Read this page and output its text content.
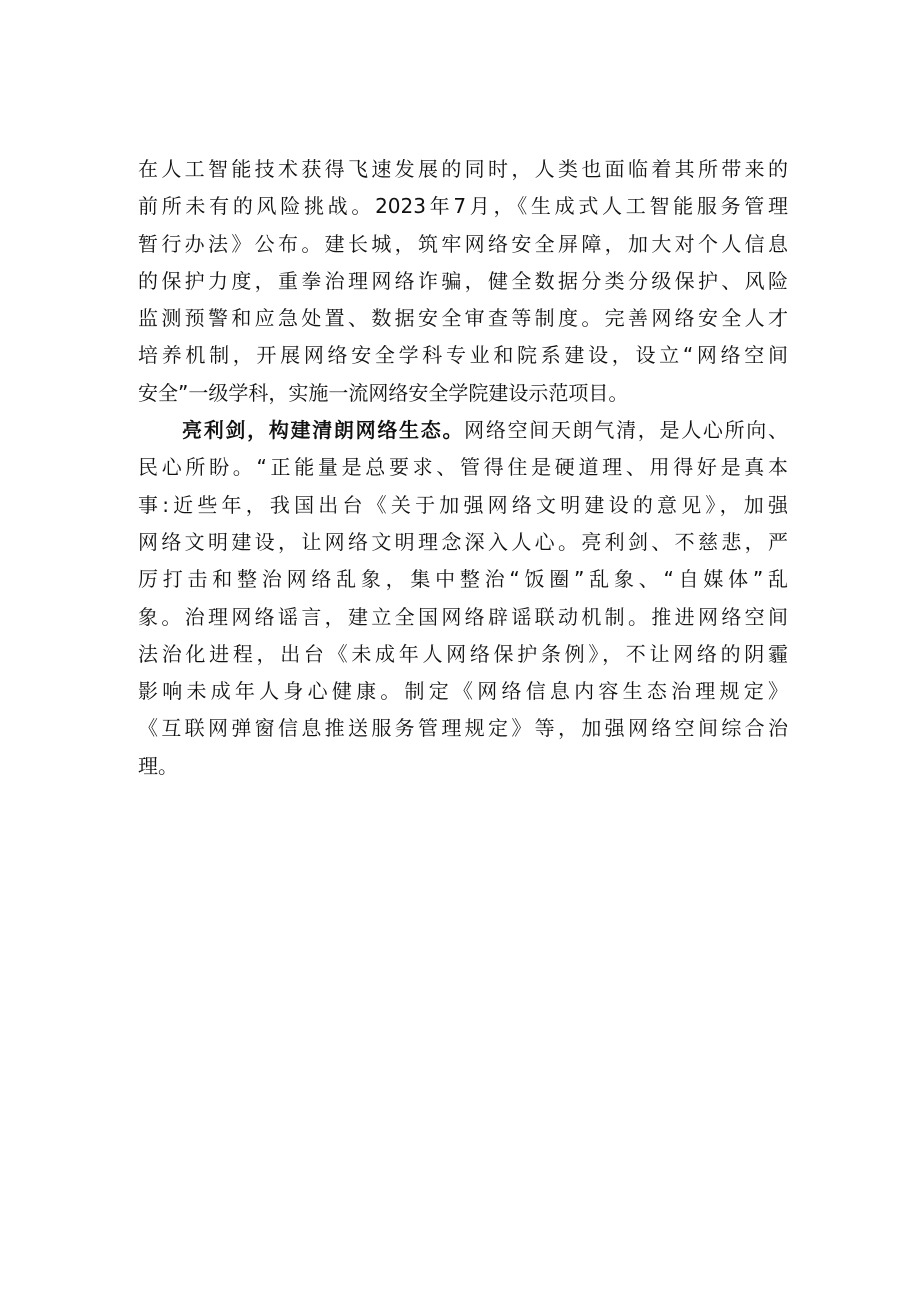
在人工智能技术获得飞速发展的同时，人类也面临着其所带来的
前所未有的风险挑战。2023年7月，《生成式人工智能服务管理
暂行办法》公布。建长城，筑牢网络安全屏障，加大对个人信息
的保护力度，重拳治理网络诈骗，健全数据分类分级保护、风险
监测预警和应急处置、数据安全审查等制度。完善网络安全人才
培养机制，开展网络安全学科专业和院系建设，设立“网络空间
安全”一级学科，实施一流网络安全学院建设示范项目。
亮利剑，构建清朗网络生态。网络空间天朗气清，是人心所向、
民心所盼。“正能量是总要求、管得住是硬道理、用得好是真本
事:近些年，我国出台《关于加强网络文明建设的意见》，加强
网络文明建设，让网络文明理念深入人心。亮利剑、不慈悲，严
厉打击和整治网络乱象，集中整治“饭圈”乱象、“自媒体”乱
象。治理网络谣言，建立全国网络辟谣联动机制。推进网络空间
法治化进程，出台《未成年人网络保护条例》，不让网络的阴霾
影响未成年人身心健康。制定《网络信息内容生态治理规定》
《互联网弹窗信息推送服务管理规定》等，加强网络空间综合治
理。
